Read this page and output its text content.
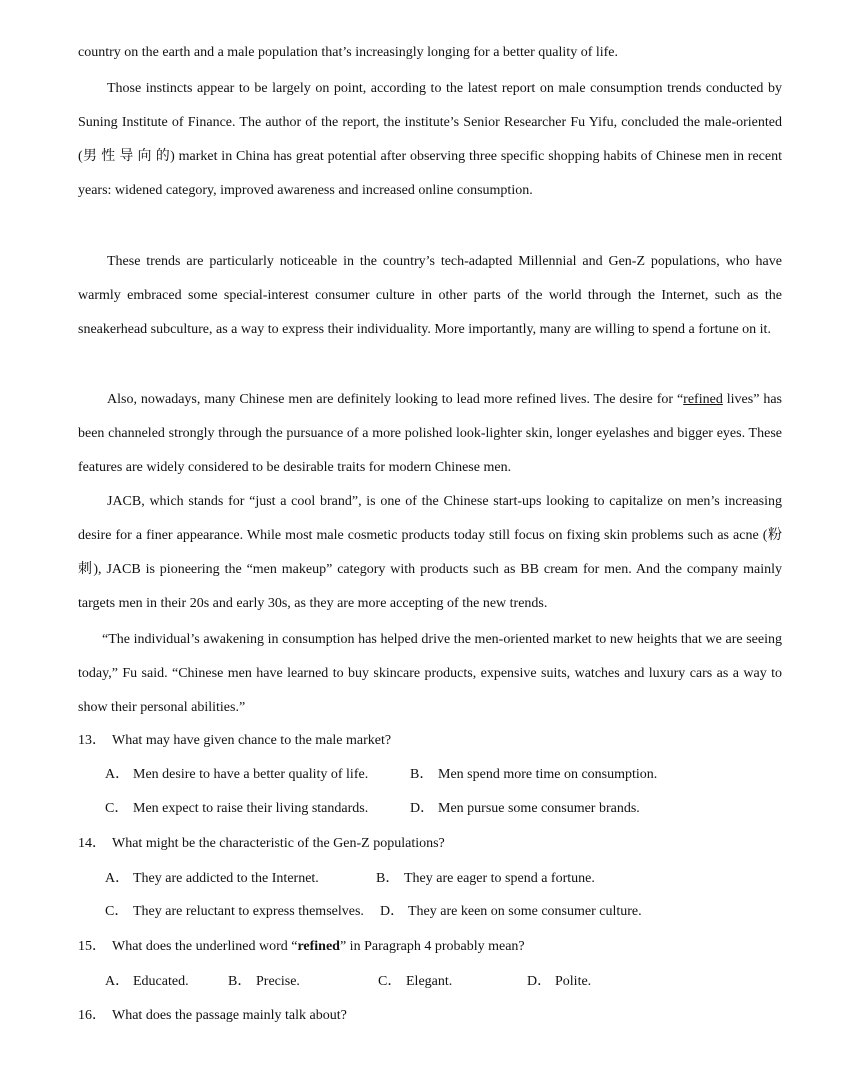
country on the earth and a male population that’s increasingly longing for a better quality of life.

Those instincts appear to be largely on point, according to the latest report on male consumption trends conducted by Suning Institute of Finance. The author of the report, the institute’s Senior Researcher Fu Yifu, concluded the male-oriented (男 性 导 向 的) market in China has great potential after observing three specific shopping habits of Chinese men in recent years: widened category, improved awareness and increased online consumption.

These trends are particularly noticeable in the country’s tech-adapted Millennial and Gen-Z populations, who have warmly embraced some special-interest consumer culture in other parts of the world through the Internet, such as the sneakerhead subculture, as a way to express their individuality. More importantly, many are willing to spend a fortune on it.

Also, nowadays, many Chinese men are definitely looking to lead more refined lives. The desire for “refined lives” has been channeled strongly through the pursuance of a more polished look-lighter skin, longer eyelashes and bigger eyes. These features are widely considered to be desirable traits for modern Chinese men.

JACB, which stands for “just a cool brand”, is one of the Chinese start-ups looking to capitalize on men’s increasing desire for a finer appearance. While most male cosmetic products today still focus on fixing skin problems such as acne (粉刺), JACB is pioneering the “men makeup” category with products such as BB cream for men. And the company mainly targets men in their 20s and early 30s, as they are more accepting of the new trends.

“The individual’s awakening in consumption has helped drive the men-oriented market to new heights that we are seeing today,” Fu said. “Chinese men have learned to buy skincare products, expensive suits, watches and luxury cars as a way to show their personal abilities.”

13． What may have given chance to the male market?
A． Men desire to have a better quality of life.	B． Men spend more time on consumption.
C． Men expect to raise their living standards.	D． Men pursue some consumer brands.
14． What might be the characteristic of the Gen-Z populations?
A． They are addicted to the Internet.	B． They are eager to spend a fortune.
C． They are reluctant to express themselves. D． They are keen on some consumer culture.
15． What does the underlined word “refined” in Paragraph 4 probably mean?
A． Educated.	B． Precise.	C． Elegant.	D． Polite.
16． What does the passage mainly talk about?
